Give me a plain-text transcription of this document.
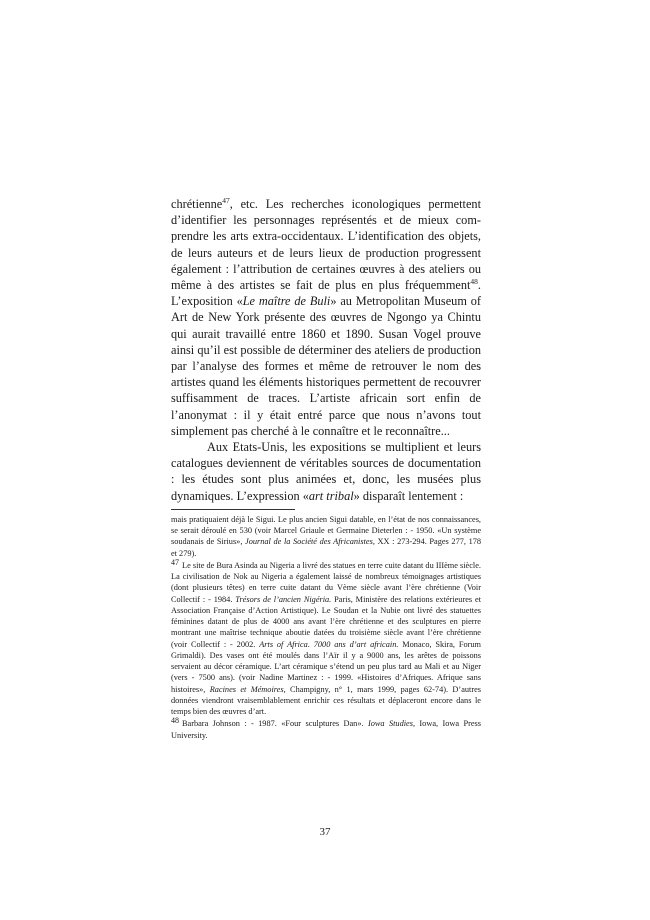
chrétienne$^{47}$, etc. Les recherches iconologiques permettent d’identifier les personnages représentés et de mieux comprendre les arts extra-occidentaux. L’identification des objets, de leurs auteurs et de leurs lieux de production progressent également : l’attribution de certaines œuvres à des ateliers ou même à des artistes se fait de plus en plus fréquemment$^{48}$. L’exposition «Le maître de Buli» au Metropolitan Museum of Art de New York présente des œuvres de Ngongo ya Chintu qui aurait travaillé entre 1860 et 1890. Susan Vogel prouve ainsi qu’il est possible de déterminer des ateliers de production par l’analyse des formes et même de retrouver le nom des artistes quand les éléments historiques permettent de recouvrer suffisamment de traces. L’artiste africain sort enfin de l’anonymat : il y était entré parce que nous n’avons tout simplement pas cherché à le connaître et le reconnaître...

Aux Etats-Unis, les expositions se multiplient et leurs catalogues deviennent de véritables sources de documentation : les études sont plus animées et, donc, les musées plus dynamiques. L’expression «art tribal» disparaît lentement :

mais pratiquaient déjà le Sigui. Le plus ancien Sigui datable, en l’état de nos connaissances, se serait déroulé en 530 (voir Marcel Griaule et Germaine Dieterlen : - 1950. «Un système soudanais de Sirius», Journal de la Société des Africanistes, XX : 273-294. Pages 277, 178 et 279).

47 Le site de Bura Asinda au Nigeria a livré des statues en terre cuite datant du IIIème siècle. La civilisation de Nok au Nigeria a également laissé de nombreux témoignages artistiques (dont plusieurs têtes) en terre cuite datant du Vème siècle avant l’ère chrétienne (Voir Collectif : - 1984. Trésors de l’ancien Nigéria. Paris, Ministère des relations extérieures et Association Française d’Action Artistique). Le Soudan et la Nubie ont livré des statuettes féminines datant de plus de 4000 ans avant l’ère chrétienne et des sculptures en pierre montrant une maîtrise technique aboutie datées du troisième siècle avant l’ère chrétienne (voir Collectif : - 2002. Arts of Africa. 7000 ans d’art africain. Monaco, Skira, Forum Grimaldi). Des vases ont été moulés dans l’Aïr il y a 9000 ans, les arêtes de poissons servaient au décor céramique. L’art céramique s’étend un peu plus tard au Mali et au Niger (vers - 7500 ans). (voir Nadine Martinez : - 1999. «Histoires d’Afriques. Afrique sans histoires», Racines et Mémoires, Champigny, n° 1, mars 1999, pages 62-74). D’autres données viendront vraisemblablement enrichir ces résultats et déplaceront encore dans le temps bien des œuvres d’art.

48 Barbara Johnson : - 1987. «Four sculptures Dan». Iowa Studies, Iowa, Iowa Press University.

37
